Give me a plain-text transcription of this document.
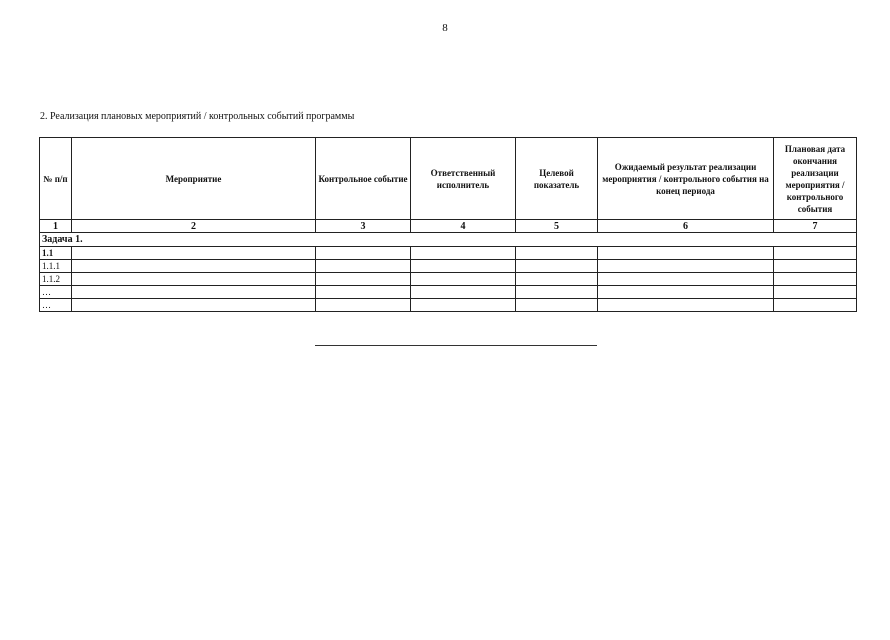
8
2. Реализация плановых мероприятий / контрольных событий программы
№ п/п	Мероприятие	Контрольное событие	Ответственный исполнитель	Целевой показатель	Ожидаемый результат реализации мероприятия / контрольного события на конец периода	Плановая дата окончания реализации мероприятия / контрольного события
1	2	3	4	5	6	7
Задача 1.						
1.1						
1.1.1						
1.1.2						
…						
…						
